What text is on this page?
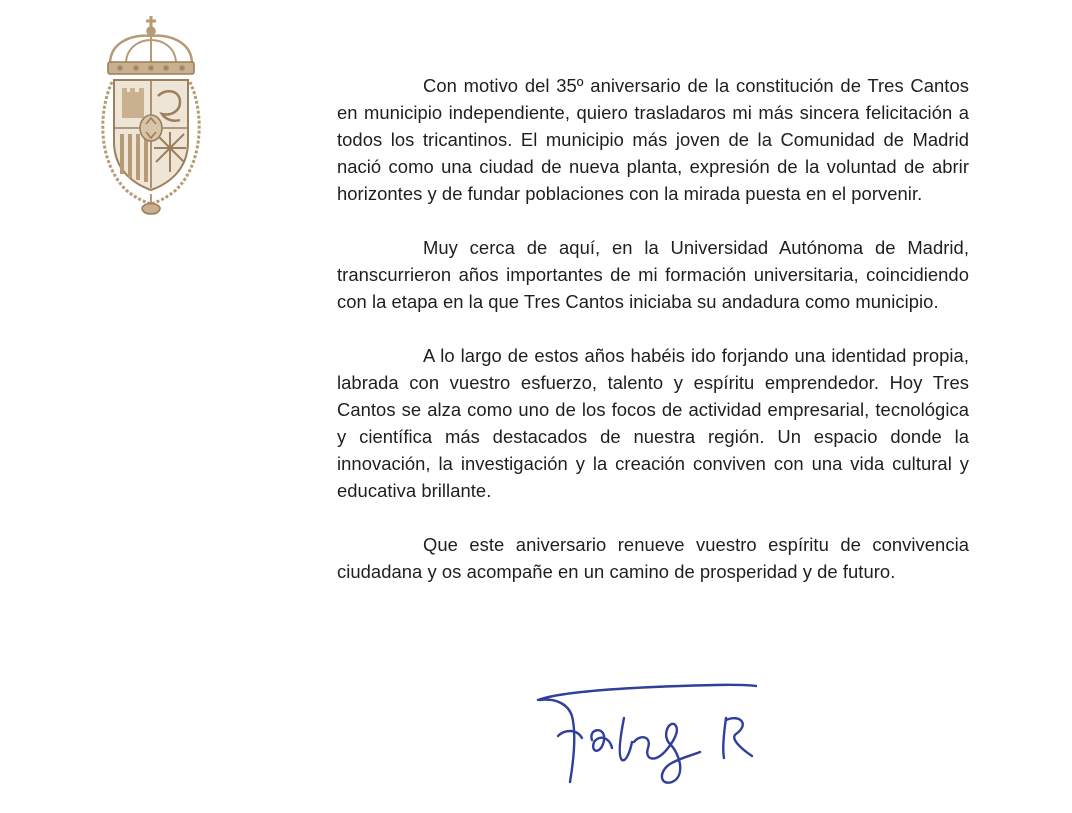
Con motivo del 35º aniversario de la constitución de Tres Cantos en municipio independiente, quiero trasladaros mi más sincera felicitación a todos los tricantinos. El municipio más joven de la Comunidad de Madrid nació como una ciudad de nueva planta, expresión de la voluntad de abrir horizontes y de fundar poblaciones con la mirada puesta en el porvenir.

Muy cerca de aquí, en la Universidad Autónoma de Madrid, transcurrieron años importantes de mi formación universitaria, coincidiendo con la etapa en la que Tres Cantos iniciaba su andadura como municipio.

A lo largo de estos años habéis ido forjando una identidad propia, labrada con vuestro esfuerzo, talento y espíritu emprendedor. Hoy Tres Cantos se alza como uno de los focos de actividad empresarial, tecnológica y científica más destacados de nuestra región. Un espacio donde la innovación, la investigación y la creación conviven con una vida cultural y educativa brillante.

Que este aniversario renueve vuestro espíritu de convivencia ciudadana y os acompañe en un camino de prosperidad y de futuro.
